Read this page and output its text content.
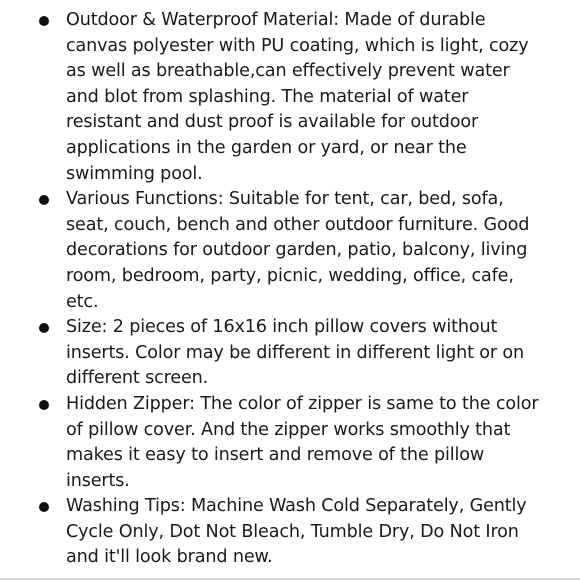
Outdoor & Waterproof Material: Made of durable canvas polyester with PU coating, which is light, cozy as well as breathable,can effectively prevent water and blot from splashing. The material of water resistant and dust proof is available for outdoor applications in the garden or yard, or near the swimming pool.
Various Functions: Suitable for tent, car, bed, sofa, seat, couch, bench and other outdoor furniture. Good decorations for outdoor garden, patio, balcony, living room, bedroom, party, picnic, wedding, office, cafe, etc.
Size: 2 pieces of 16x16 inch pillow covers without inserts. Color may be different in different light or on different screen.
Hidden Zipper: The color of zipper is same to the color of pillow cover. And the zipper works smoothly that makes it easy to insert and remove of the pillow inserts.
Washing Tips: Machine Wash Cold Separately, Gently Cycle Only, Dot Not Bleach, Tumble Dry, Do Not Iron and it'll look brand new.
